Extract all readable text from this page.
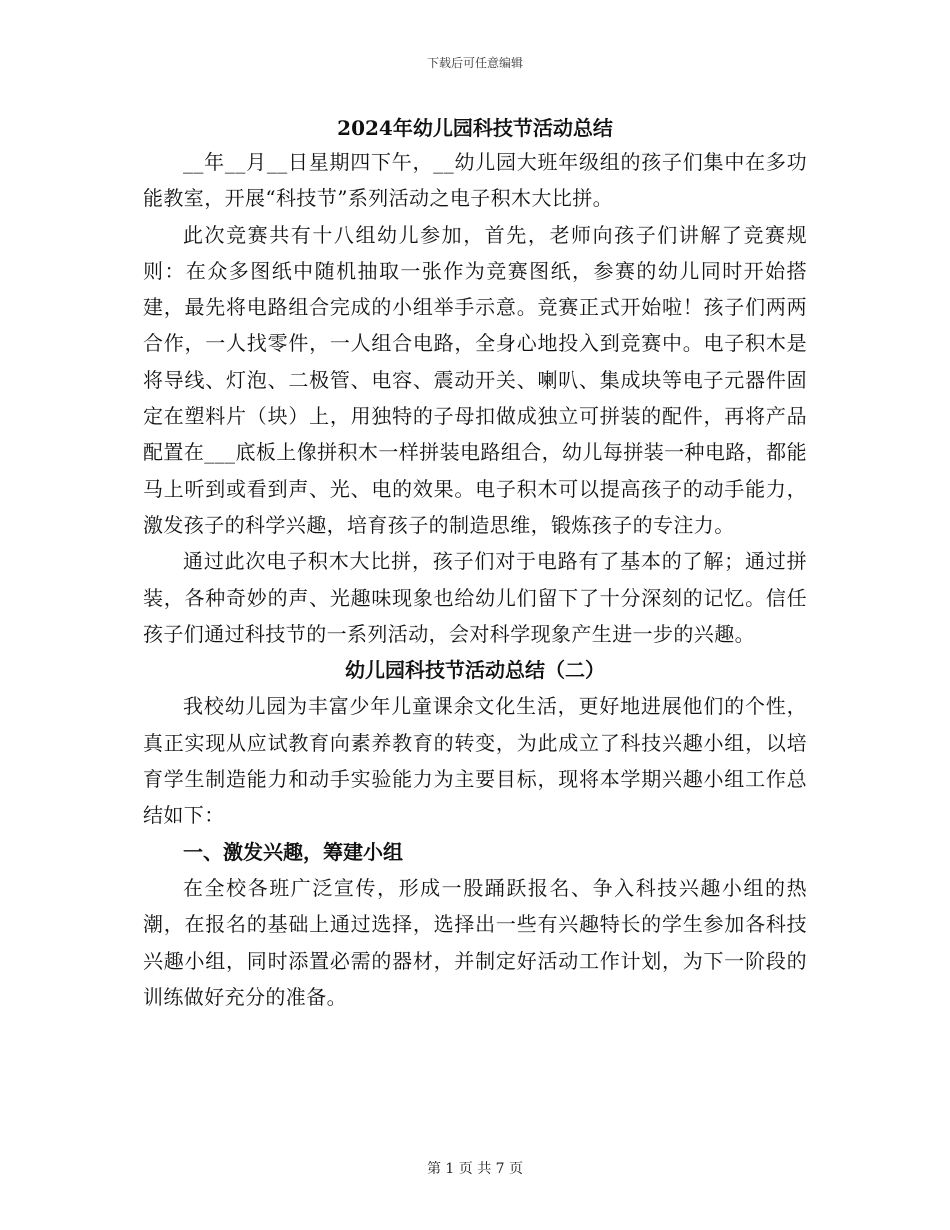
下载后可任意编辑
2024年幼儿园科技节活动总结

__年__月__日星期四下午，__幼儿园大班年级组的孩子们集中在多功能教室，开展“科技节”系列活动之电子积木大比拼。

此次竞赛共有十八组幼儿参加，首先，老师向孩子们讲解了竞赛规则：在众多图纸中随机抽取一张作为竞赛图纸，参赛的幼儿同时开始搭建，最先将电路组合完成的小组举手示意。竞赛正式开始啦！孩子们两两合作，一人找零件，一人组合电路，全身心地投入到竞赛中。电子积木是将导线、灯泡、二极管、电容、震动开关、喇叭、集成块等电子元器件固定在塑料片（块）上，用独特的子母扣做成独立可拼装的配件，再将产品配置在___底板上像拼积木一样拼装电路组合，幼儿每拼装一种电路，都能马上听到或看到声、光、电的效果。电子积木可以提高孩子的动手能力，激发孩子的科学兴趣，培育孩子的制造思维，锻炼孩子的专注力。

通过此次电子积木大比拼，孩子们对于电路有了基本的了解；通过拼装，各种奇妙的声、光趣味现象也给幼儿们留下了十分深刻的记忆。信任孩子们通过科技节的一系列活动，会对科学现象产生进一步的兴趣。

幼儿园科技节活动总结（二）

我校幼儿园为丰富少年儿童课余文化生活，更好地进展他们的个性，真正实现从应试教育向素养教育的转变，为此成立了科技兴趣小组，以培育学生制造能力和动手实验能力为主要目标，现将本学期兴趣小组工作总结如下：

一、激发兴趣，筹建小组

在全校各班广泛宣传，形成一股踊跃报名、争入科技兴趣小组的热潮，在报名的基础上通过选择，选择出一些有兴趣特长的学生参加各科技兴趣小组，同时添置必需的器材，并制定好活动工作计划，为下一阶段的训练做好充分的准备。

第 1 页 共 7 页
